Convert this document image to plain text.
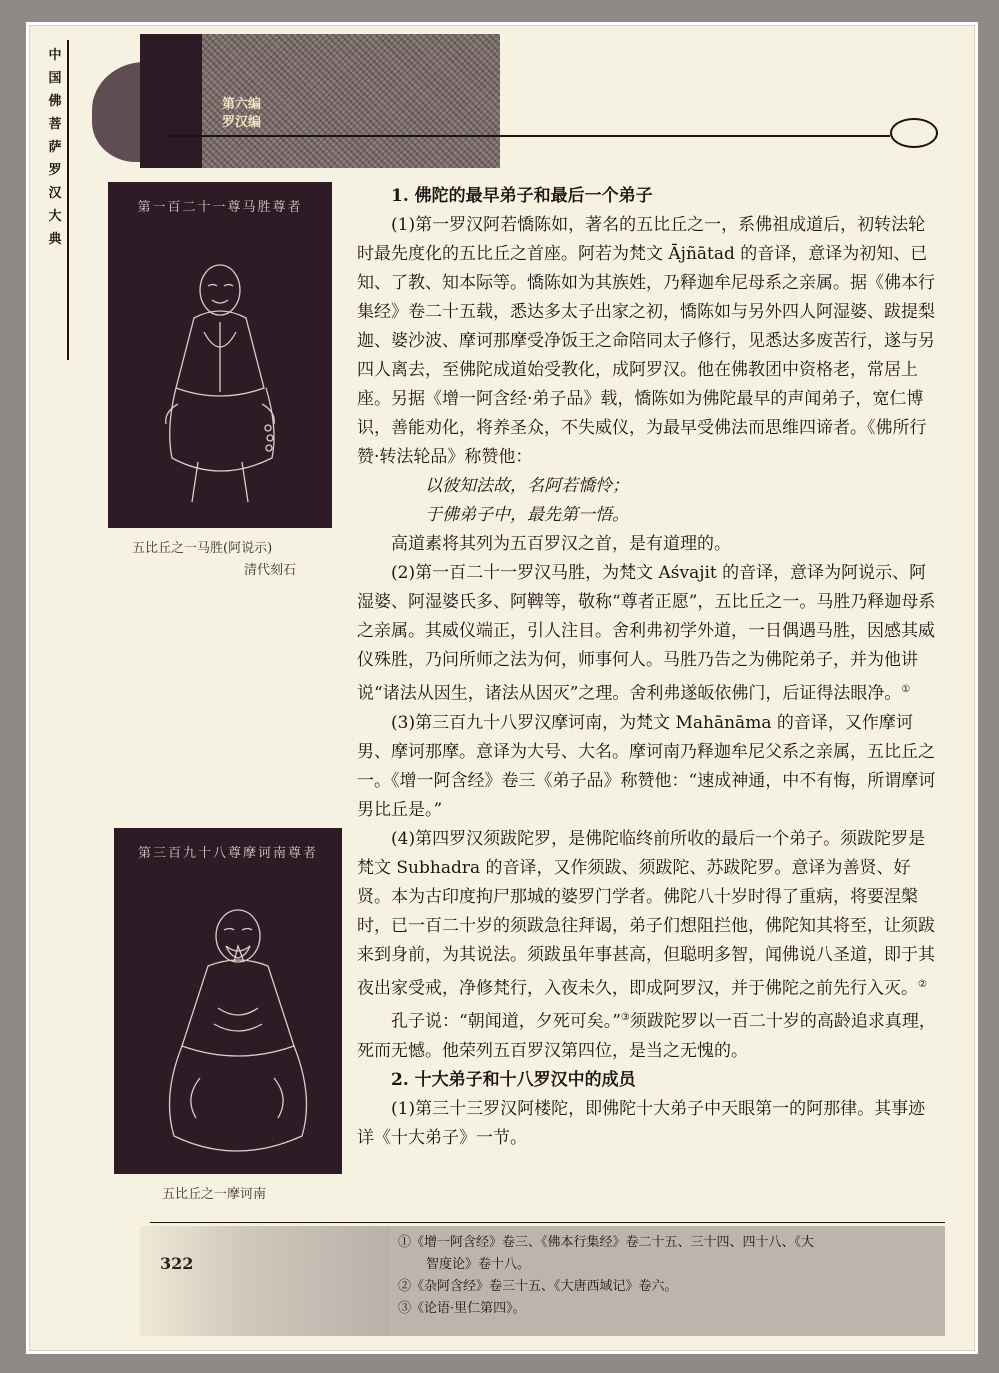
中
国
佛
菩
萨
罗
汉
大
典
第六编
罗汉编
第一百二十一尊马胜尊者
五比丘之一马胜(阿说示)
清代刻石
第三百九十八尊摩诃南尊者
五比丘之一摩诃南

1. 佛陀的最早弟子和最后一个弟子

(1)第一罗汉阿若憍陈如，著名的五比丘之一，系佛祖成道后，初转法轮时最先度化的五比丘之首座。阿若为梵文 Ājñātad 的音译，意译为初知、已知、了教、知本际等。憍陈如为其族姓，乃释迦牟尼母系之亲属。据《佛本行集经》卷二十五载，悉达多太子出家之初，憍陈如与另外四人阿湿婆、跋提梨迦、婆沙波、摩诃那摩受净饭王之命陪同太子修行，见悉达多废苦行，遂与另四人离去，至佛陀成道始受教化，成阿罗汉。他在佛教团中资格老，常居上座。另据《增一阿含经·弟子品》载，憍陈如为佛陀最早的声闻弟子，宽仁博识，善能劝化，将养圣众，不失威仪，为最早受佛法而思维四谛者。《佛所行赞·转法轮品》称赞他：

以彼知法故，名阿若憍怜；

于佛弟子中，最先第一悟。

高道素将其列为五百罗汉之首，是有道理的。

(2)第一百二十一罗汉马胜，为梵文 Aśvajit 的音译，意译为阿说示、阿湿婆、阿湿婆氏多、阿鞞等，敬称“尊者正愿”，五比丘之一。马胜乃释迦母系之亲属。其威仪端正，引人注目。舍利弗初学外道，一日偶遇马胜，因感其威仪殊胜，乃问所师之法为何，师事何人。马胜乃告之为佛陀弟子，并为他讲说“诸法从因生，诸法从因灭”之理。舍利弗遂皈依佛门，后证得法眼净。①

(3)第三百九十八罗汉摩诃南，为梵文 Mahānāma 的音译，又作摩诃男、摩诃那摩。意译为大号、大名。摩诃南乃释迦牟尼父系之亲属，五比丘之一。《增一阿含经》卷三《弟子品》称赞他：“速成神通，中不有悔，所谓摩诃男比丘是。”

(4)第四罗汉须跋陀罗，是佛陀临终前所收的最后一个弟子。须跋陀罗是梵文 Subhadra 的音译，又作须跋、须跋陀、苏跋陀罗。意译为善贤、好贤。本为古印度拘尸那城的婆罗门学者。佛陀八十岁时得了重病，将要涅槃时，已一百二十岁的须跋急往拜谒，弟子们想阻拦他，佛陀知其将至，让须跋来到身前，为其说法。须跋虽年事甚高，但聪明多智，闻佛说八圣道，即于其夜出家受戒，净修梵行，入夜未久，即成阿罗汉，并于佛陀之前先行入灭。②

孔子说：“朝闻道，夕死可矣。”③须跋陀罗以一百二十岁的高龄追求真理，死而无憾。他荣列五百罗汉第四位，是当之无愧的。

2. 十大弟子和十八罗汉中的成员

(1)第三十三罗汉阿楼陀，即佛陀十大弟子中天眼第一的阿那律。其事迹详《十大弟子》一节。

322
①《增一阿含经》卷三、《佛本行集经》卷二十五、三十四、四十八、《大
智度论》卷十八。
②《杂阿含经》卷三十五、《大唐西域记》卷六。
③《论语·里仁第四》。
